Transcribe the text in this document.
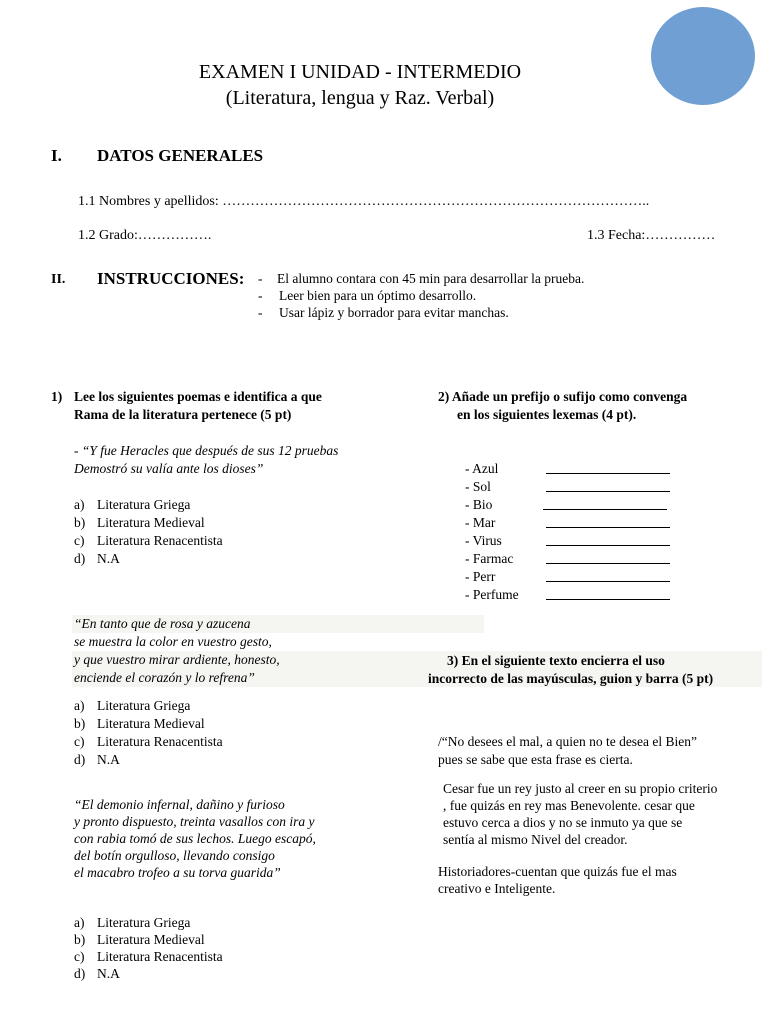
EXAMEN I UNIDAD - INTERMEDIO
(Literatura, lengua y Raz. Verbal)
I. DATOS GENERALES
1.1 Nombres y apellidos: ………………………………………………………………………………..
1.2 Grado:…………….	1.3 Fecha:……………
II. INSTRUCCIONES: - El alumno contara con 45 min para desarrollar la prueba.
- Leer bien para un óptimo desarrollo.
- Usar lápiz y borrador para evitar manchas.
1) Lee los siguientes poemas e identifica a que
Rama de la literatura pertenece (5 pt)
- “Y fue Heracles que después de sus 12 pruebas
Demostró su valía ante los dioses”
a) Literatura Griega
b) Literatura Medieval
c) Literatura Renacentista
d) N.A
“En tanto que de rosa y azucena
se muestra la color en vuestro gesto,
y que vuestro mirar ardiente, honesto,
enciende el corazón y lo refrena”
a) Literatura Griega
b) Literatura Medieval
c) Literatura Renacentista
d) N.A
“El demonio infernal, dañino y furioso
y pronto dispuesto, treinta vasallos con ira y
con rabia tomó de sus lechos. Luego escapó,
del botín orgulloso, llevando consigo
el macabro trofeo a su torva guarida”
a) Literatura Griega
b) Literatura Medieval
c) Literatura Renacentista
d) N.A
2) Añade un prefijo o sufijo como convenga
en los siguientes lexemas (4 pt).
- Azul
- Sol
- Bio
- Mar
- Virus
- Farmac
- Perr
- Perfume
3) En el siguiente texto encierra el uso
incorrecto de las mayúsculas, guion y barra (5 pt)
/“No desees el mal, a quien no te desea el Bien”
pues se sabe que esta frase es cierta.
Cesar fue un rey justo al creer en su propio criterio
, fue quizás en rey mas Benevolente. cesar que
estuvo cerca a dios y no se inmuto ya que se
sentía al mismo Nivel del creador.
Historiadores-cuentan que quizás fue el mas
creativo e Inteligente.
